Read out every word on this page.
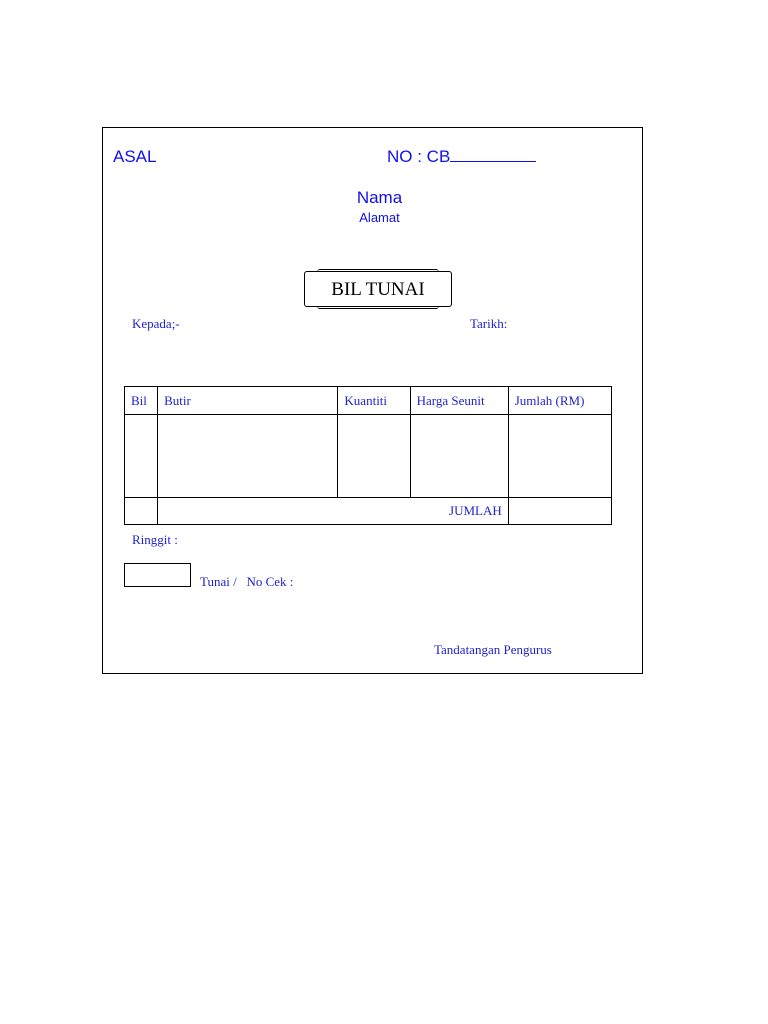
ASAL	NO : CB
Nama
Alamat
BIL TUNAI
Kepada;-	Tarikh:
Bil	Butir	Kuantiti	Harga Seunit	Jumlah (RM)

	JUMLAH			
Ringgit :
Tunai /   No Cek :
Tandatangan Pengurus
